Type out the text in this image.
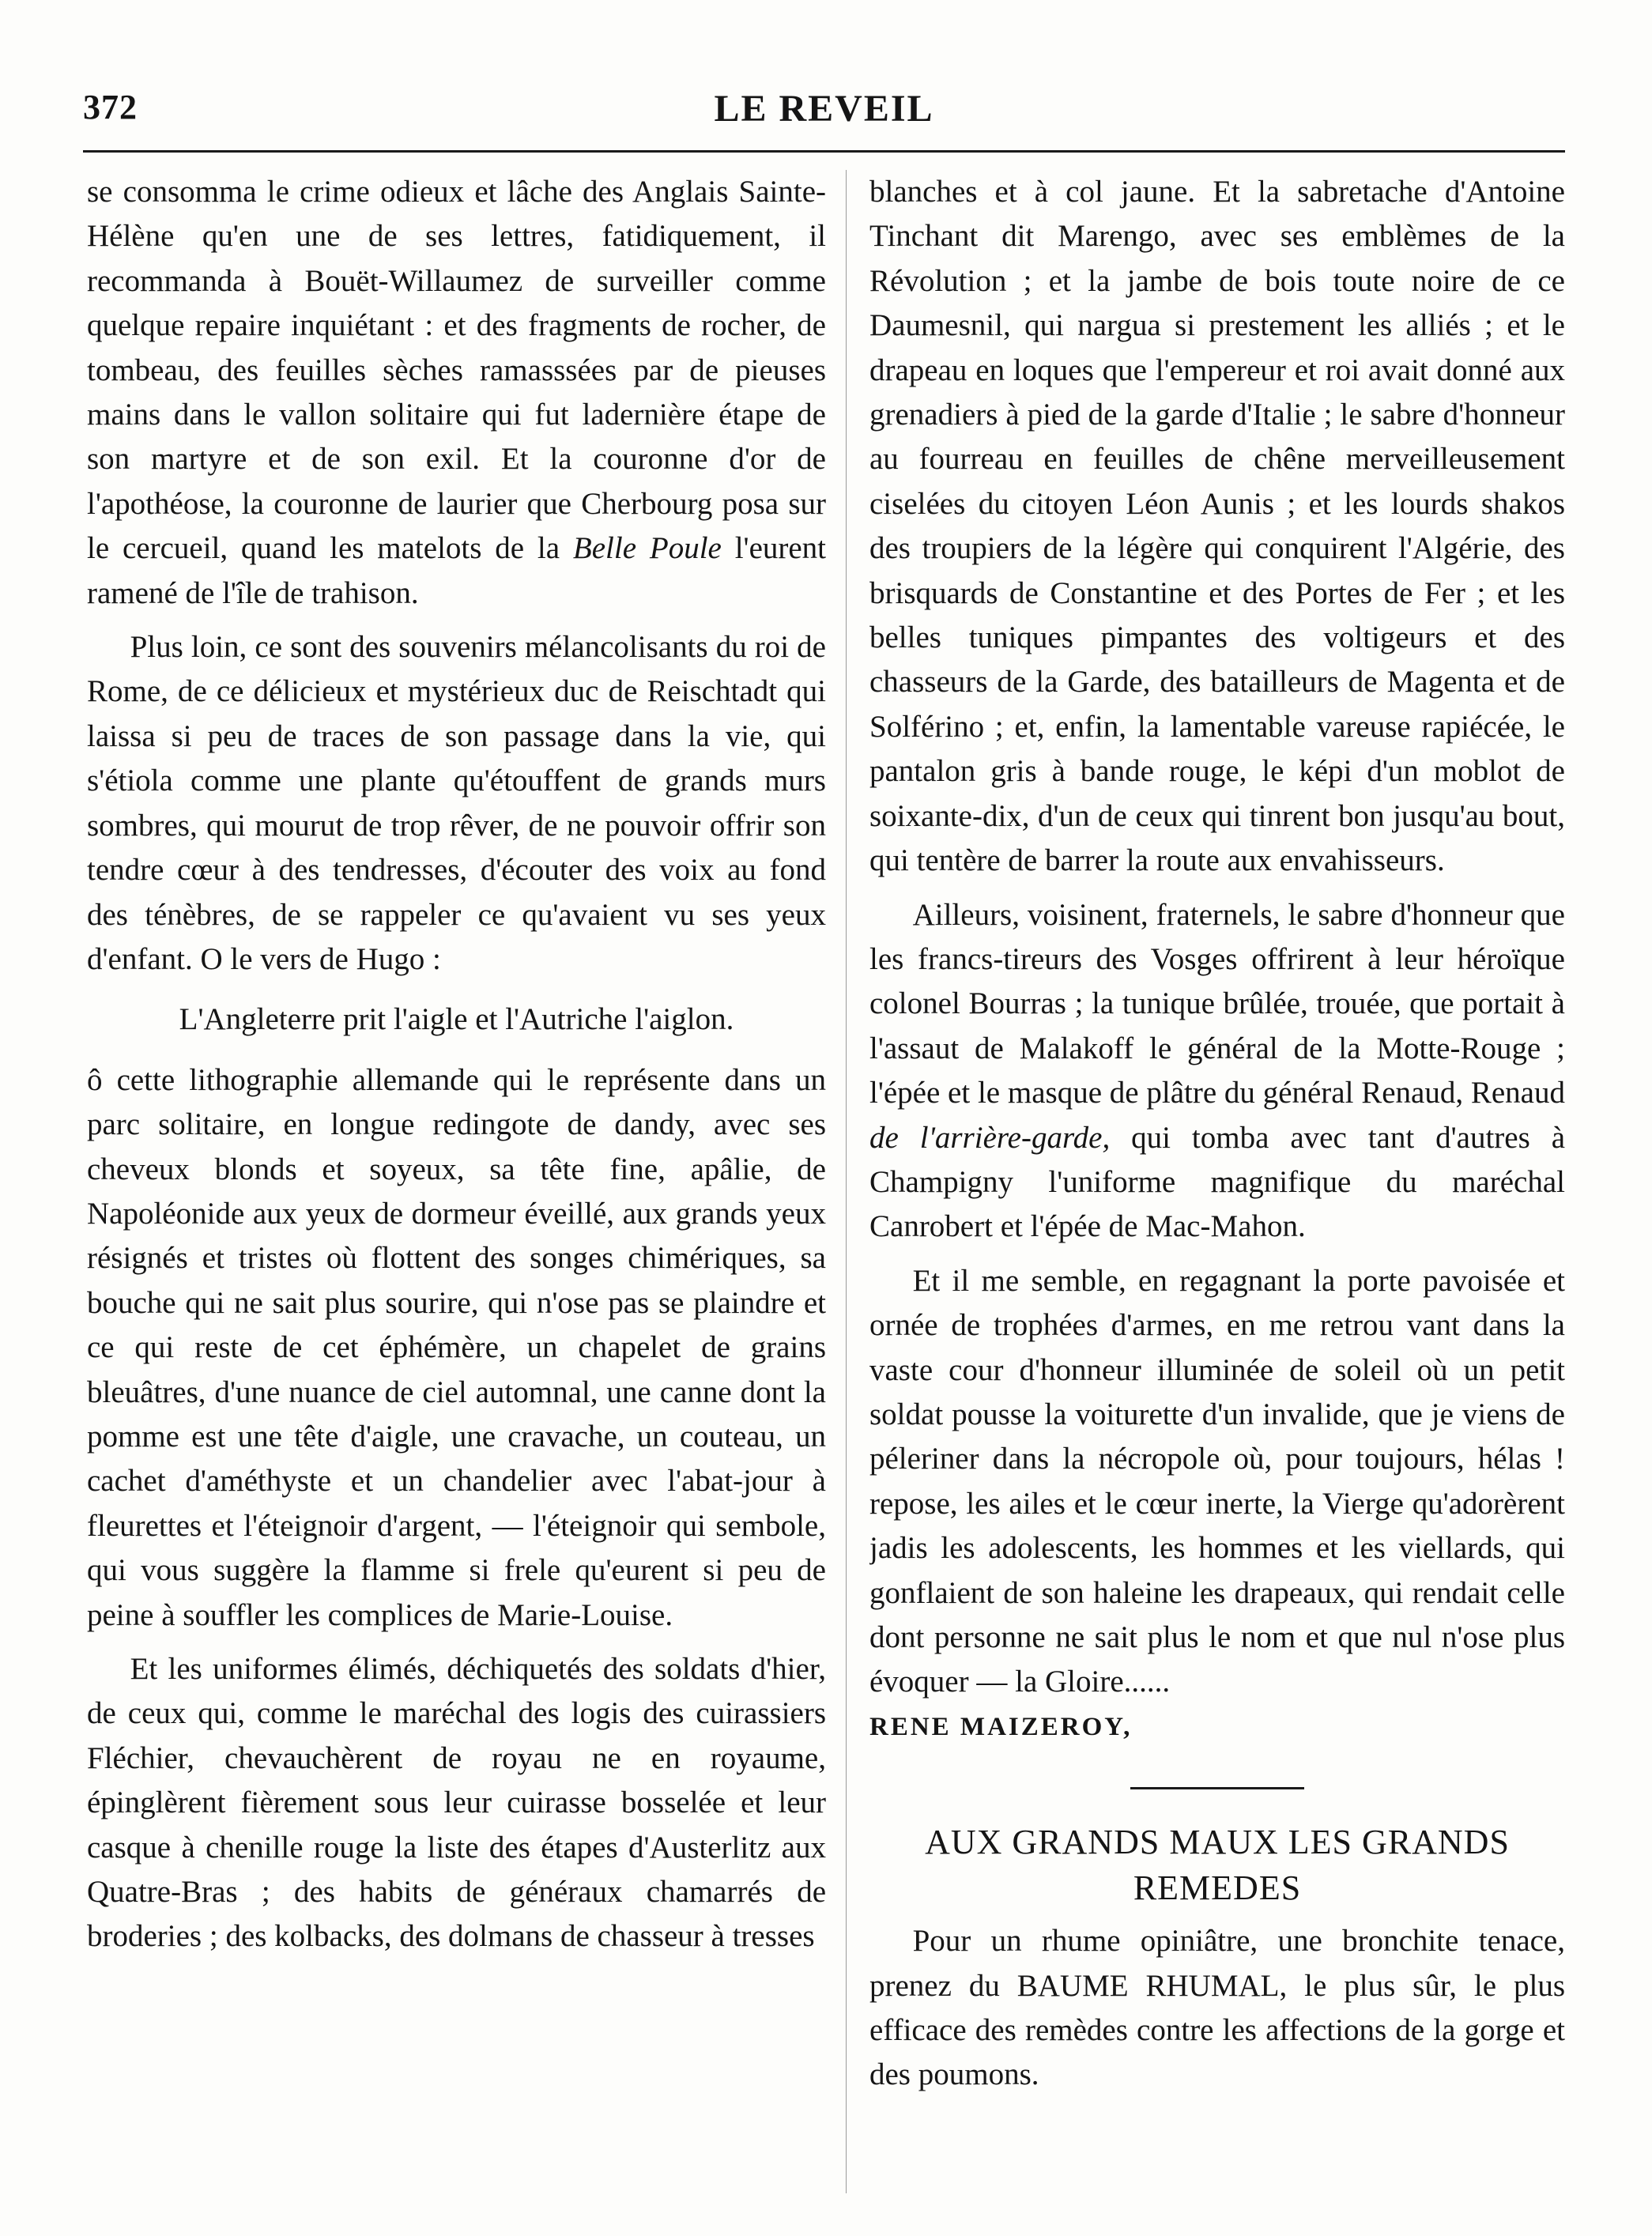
372	LE REVEIL

se consomma le crime odieux et lâche des Anglais Sainte-Hélène qu'en une de ses lettres, fatidiquement, il recommanda à Bouët-Willaumez de surveiller comme quelque repaire inquiétant : et des fragments de rocher, de tombeau, des feuilles sèches ramasssées par de pieuses mains dans le vallon solitaire qui fut ladernière étape de son martyre et de son exil. Et la couronne d'or de l'apothéose, la couronne de laurier que Cherbourg posa sur le cercueil, quand les matelots de la Belle Poule l'eurent ramené de l'île de trahison.

Plus loin, ce sont des souvenirs mélancolisants du roi de Rome, de ce délicieux et mystérieux duc de Reischtadt qui laissa si peu de traces de son passage dans la vie, qui s'étiola comme une plante qu'étouffent de grands murs sombres, qui mourut de trop rêver, de ne pouvoir offrir son tendre cœur à des tendresses, d'écouter des voix au fond des ténèbres, de se rappeler ce qu'avaient vu ses yeux d'enfant. O le vers de Hugo :

L'Angleterre prit l'aigle et l'Autriche l'aiglon.

ô cette lithographie allemande qui le représente dans un parc solitaire, en longue redingote de dandy, avec ses cheveux blonds et soyeux, sa tête fine, apâlie, de Napoléonide aux yeux de dormeur éveillé, aux grands yeux résignés et tristes où flottent des songes chimériques, sa bouche qui ne sait plus sourire, qui n'ose pas se plaindre et ce qui reste de cet éphémère, un chapelet de grains bleuâtres, d'une nuance de ciel automnal, une canne dont la pomme est une tête d'aigle, une cravache, un couteau, un cachet d'améthyste et un chandelier avec l'abat-jour à fleurettes et l'éteignoir d'argent, — l'éteignoir qui sembole, qui vous suggère la flamme si frele qu'eurent si peu de peine à souffler les complices de Marie-Louise.

Et les uniformes élimés, déchiquetés des soldats d'hier, de ceux qui, comme le maréchal des logis des cuirassiers Fléchier, chevauchèrent de royau ne en royaume, épinglèrent fièrement sous leur cuirasse bosselée et leur casque à chenille rouge la liste des étapes d'Austerlitz aux Quatre-Bras ; des habits de généraux chamarrés de broderies ; des kolbacks, des dolmans de chasseur à tresses

blanches et à col jaune. Et la sabretache d'Antoine Tinchant dit Marengo, avec ses emblèmes de la Révolution ; et la jambe de bois toute noire de ce Daumesnil, qui nargua si prestement les alliés ; et le drapeau en loques que l'empereur et roi avait donné aux grenadiers à pied de la garde d'Italie ; le sabre d'honneur au fourreau en feuilles de chêne merveilleusement ciselées du citoyen Léon Aunis ; et les lourds shakos des troupiers de la légère qui conquirent l'Algérie, des brisquards de Constantine et des Portes de Fer ; et les belles tuniques pimpantes des voltigeurs et des chasseurs de la Garde, des batailleurs de Magenta et de Solférino ; et, enfin, la lamentable vareuse rapiécée, le pantalon gris à bande rouge, le képi d'un moblot de soixante-dix, d'un de ceux qui tinrent bon jusqu'au bout, qui tentère de barrer la route aux envahisseurs.

Ailleurs, voisinent, fraternels, le sabre d'honneur que les francs-tireurs des Vosges offrirent à leur héroïque colonel Bourras ; la tunique brûlée, trouée, que portait à l'assaut de Malakoff le général de la Motte-Rouge ; l'épée et le masque de plâtre du général Renaud, Renaud de l'arrière-garde, qui tomba avec tant d'autres à Champigny l'uniforme magnifique du maréchal Canrobert et l'épée de Mac-Mahon.

Et il me semble, en regagnant la porte pavoisée et ornée de trophées d'armes, en me retrou vant dans la vaste cour d'honneur illuminée de soleil où un petit soldat pousse la voiturette d'un invalide, que je viens de péleriner dans la nécropole où, pour toujours, hélas ! repose, les ailes et le cœur inerte, la Vierge qu'adorèrent jadis les adolescents, les hommes et les viellards, qui gonflaient de son haleine les drapeaux, qui rendait celle dont personne ne sait plus le nom et que nul n'ose plus évoquer — la Gloire......

RENE MAIZEROY,

AUX GRANDS MAUX LES GRANDS REMEDES

Pour un rhume opiniâtre, une bronchite tenace, prenez du BAUME RHUMAL, le plus sûr, le plus efficace des remèdes contre les affections de la gorge et des poumons.
